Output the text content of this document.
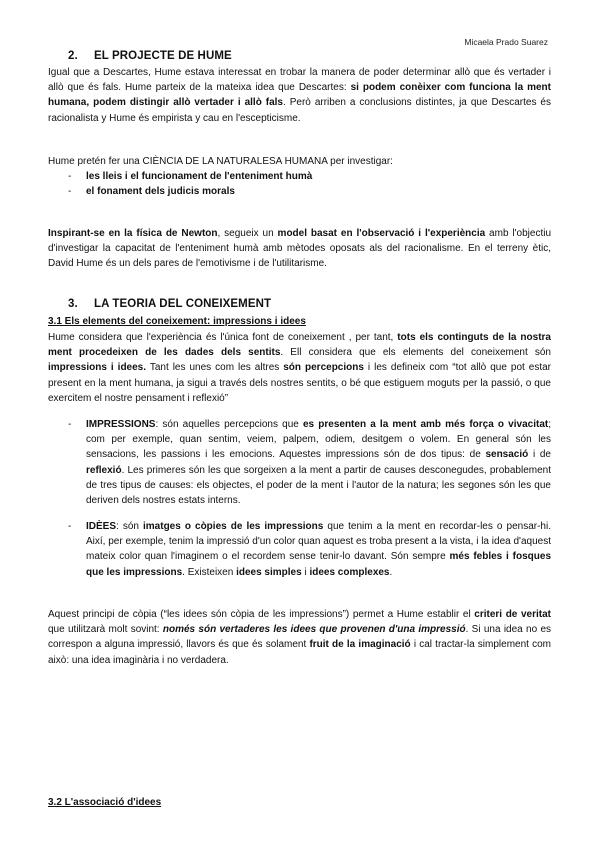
Micaela Prado Suarez
2. EL PROJECTE DE HUME

Igual que a Descartes, Hume estava interessat en trobar la manera de poder determinar allò que és vertader i allò que és fals. Hume parteix de la mateixa idea que Descartes: si podem conèixer com funciona la ment humana, podem distingir allò vertader i allò fals. Però arriben a conclusions distintes, ja que Descartes és racionalista y Hume és empirista y cau en l'escepticisme.

Hume pretén fer una CIÈNCIA DE LA NATURALESA HUMANA per investigar:

- les lleis i el funcionament de l'enteniment humà
- el fonament dels judicis morals

Inspirant-se en la física de Newton, segueix un model basat en l'observació i l'experiència amb l'objectiu d'investigar la capacitat de l'enteniment humà amb mètodes oposats als del racionalisme. En el terreny ètic, David Hume és un dels pares de l'emotivisme i de l'utilitarisme.

3. LA TEORIA DEL CONEIXEMENT
3.1 Els elements del coneixement: impressions i idees

Hume considera que l'experiència és l'única font de coneixement , per tant, tots els continguts de la nostra ment procedeixen de les dades dels sentits. Ell considera que els elements del coneixement són impressions i idees. Tant les unes com les altres són percepcions i les defineix com “tot allò que pot estar present en la ment humana, ja sigui a través dels nostres sentits, o bé que estiguem moguts per la passió, o que exercitem el nostre pensament i reflexió”

- IMPRESSIONS: són aquelles percepcions que es presenten a la ment amb més força o vivacitat; com per exemple, quan sentim, veiem, palpem, odiem, desitgem o volem. En general són les sensacions, les passions i les emocions. Aquestes impressions són de dos tipus: de sensació i de reflexió. Les primeres són les que sorgeixen a la ment a partir de causes desconegudes, probablement de tres tipus de causes: els objectes, el poder de la ment i l'autor de la natura; les segones són les que deriven dels nostres estats interns.
- IDÈES: són imatges o còpies de les impressions que tenim a la ment en recordar-les o pensar-hi. Així, per exemple, tenim la impressió d'un color quan aquest es troba present a la vista, i la idea d'aquest mateix color quan l'imaginem o el recordem sense tenir-lo davant. Són sempre més febles i fosques que les impressions. Existeixen idees simples i idees complexes.

Aquest principi de còpia (“les idees són còpia de les impressions”) permet a Hume establir el criteri de veritat que utilitzarà molt sovint: només són vertaderes les idees que provenen d'una impressió. Si una idea no es correspon a alguna impressió, llavors és que és solament fruit de la imaginació i cal tractar-la simplement com això: una idea imaginària i no verdadera.

3.2 L'associació d'idees
